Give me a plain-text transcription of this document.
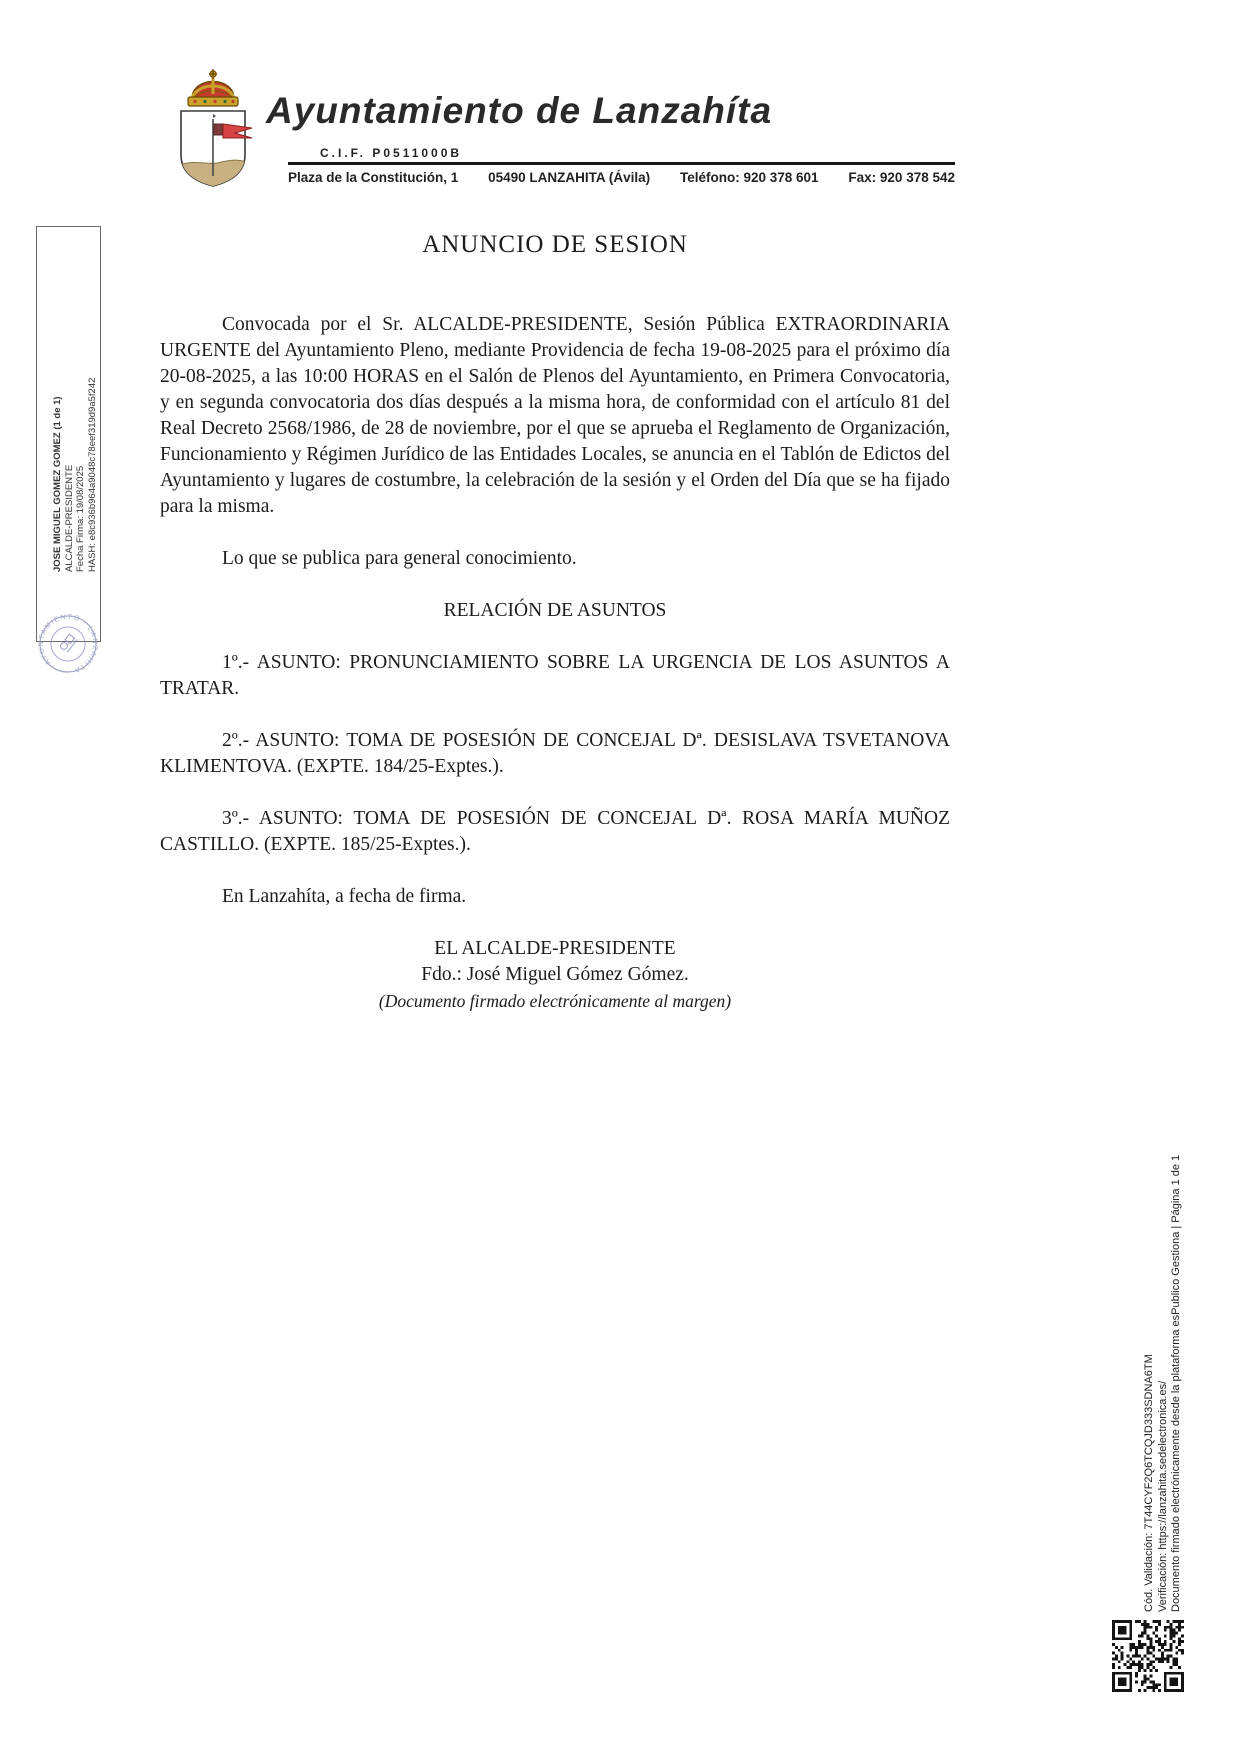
Ayuntamiento de Lanzahíta
C.I.F. P0511000B
Plaza de la Constitución, 1 05490 LANZAHITA (Ávila) Teléfono: 920 378 601 Fax: 920 378 542
ANUNCIO DE SESION

Convocada por el Sr. ALCALDE-PRESIDENTE, Sesión Pública EXTRAORDINARIA URGENTE del Ayuntamiento Pleno, mediante Providencia de fecha 19-08-2025 para el próximo día 20-08-2025, a las 10:00 HORAS en el Salón de Plenos del Ayuntamiento, en Primera Convocatoria, y en segunda convocatoria dos días después a la misma hora, de conformidad con el artículo 81 del Real Decreto 2568/1986, de 28 de noviembre, por el que se aprueba el Reglamento de Organización, Funcionamiento y Régimen Jurídico de las Entidades Locales, se anuncia en el Tablón de Edictos del Ayuntamiento y lugares de costumbre, la celebración de la sesión y el Orden del Día que se ha fijado para la misma.

Lo que se publica para general conocimiento.

RELACIÓN DE ASUNTOS

1º.- ASUNTO: PRONUNCIAMIENTO SOBRE LA URGENCIA DE LOS ASUNTOS A TRATAR.

2º.- ASUNTO: TOMA DE POSESIÓN DE CONCEJAL Dª. DESISLAVA TSVETANOVA KLIMENTOVA. (EXPTE. 184/25-Exptes.).

3º.- ASUNTO: TOMA DE POSESIÓN DE CONCEJAL Dª. ROSA MARÍA MUÑOZ CASTILLO. (EXPTE. 185/25-Exptes.).

En Lanzahíta, a fecha de firma.

EL ALCALDE-PRESIDENTE
Fdo.: José Miguel Gómez Gómez.
(Documento firmado electrónicamente al margen)
JOSE MIGUEL GOMEZ GOMEZ (1 de 1) ALCALDE-PRESIDENTE Fecha Firma: 19/08/2025 HASH: e8c936b964a9048c78eef319d9a5f242
AYUNTAMIENTO · LANZAHITA ·
Cód. Validación: 7T44CYF2Q6TCQJD333SDNA6TM Verificación: https://lanzahita.sedelectronica.es/ Documento firmado electrónicamente desde la plataforma esPublico Gestiona | Página 1 de 1
